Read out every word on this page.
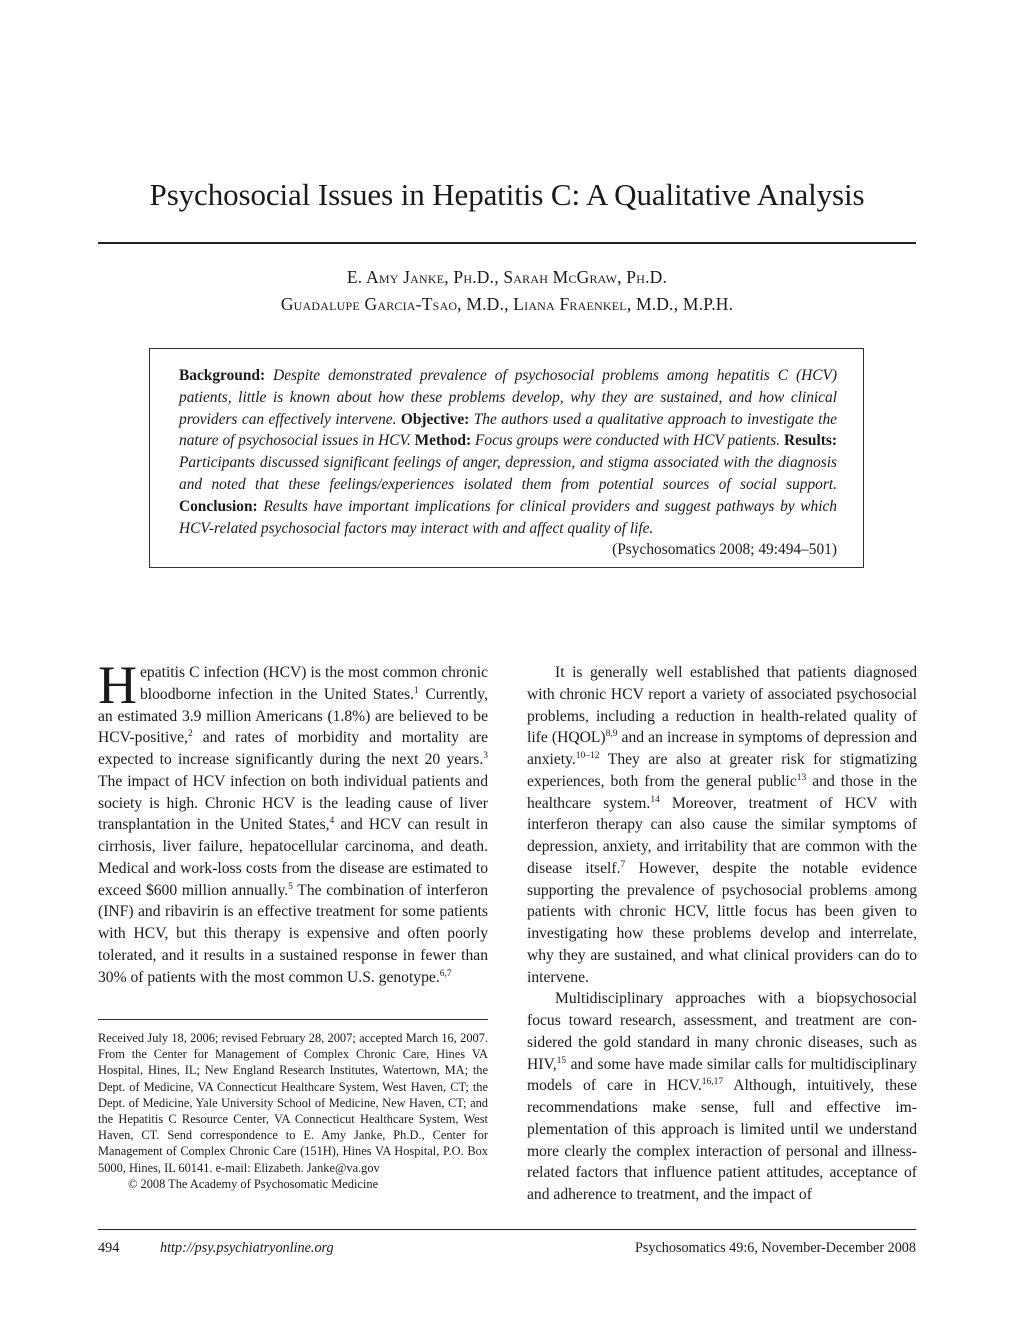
Psychosocial Issues in Hepatitis C: A Qualitative Analysis
E. Amy Janke, Ph.D., Sarah McGraw, Ph.D.
Guadalupe Garcia-Tsao, M.D., Liana Fraenkel, M.D., M.P.H.
Background: Despite demonstrated prevalence of psychosocial problems among hepatitis C (HCV) patients, little is known about how these problems develop, why they are sustained, and how clinical providers can effectively intervene. Objective: The authors used a qualitative approach to investigate the nature of psychosocial issues in HCV. Method: Focus groups were conducted with HCV patients. Results: Participants discussed significant feelings of anger, depression, and stigma associated with the diagnosis and noted that these feelings/experiences isolated them from potential sources of social support. Conclusion: Results have important implications for clinical providers and suggest pathways by which HCV-related psychosocial factors may interact with and affect quality of life.
(Psychosomatics 2008; 49:494–501)

Hepatitis C infection (HCV) is the most common chronic bloodborne infection in the United States.$^1$ Currently, an estimated 3.9 million Americans (1.8%) are believed to be HCV-positive,$^2$ and rates of morbidity and mortality are expected to increase significantly during the next 20 years.$^3$ The impact of HCV infection on both individual patients and society is high. Chronic HCV is the leading cause of liver transplantation in the United States,$^4$ and HCV can result in cirrhosis, liver failure, hepatocellular carcinoma, and death. Medical and work-loss costs from the disease are estimated to exceed $600 million annually.$^5$ The combination of interferon (INF) and ribavirin is an effective treatment for some patients with HCV, but this therapy is expensive and often poorly tolerated, and it results in a sustained response in fewer than 30% of patients with the most common U.S. genotype.$^{6,7}$

Received July 18, 2006; revised February 28, 2007; accepted March 16, 2007. From the Center for Management of Complex Chronic Care, Hines VA Hospital, Hines, IL; New England Research Institutes, Watertown, MA; the Dept. of Medicine, VA Connecticut Healthcare System, West Haven, CT; the Dept. of Medicine, Yale University School of Medicine, New Haven, CT; and the Hepatitis C Resource Center, VA Connecticut Healthcare System, West Haven, CT. Send correspondence to E. Amy Janke, Ph.D., Center for Management of Complex Chronic Care (151H), Hines VA Hospital, P.O. Box 5000, Hines, IL 60141. e-mail: Elizabeth. Janke@va.gov

© 2008 The Academy of Psychosomatic Medicine

It is generally well established that patients diagnosed with chronic HCV report a variety of associated psychosocial problems, including a reduction in health-related quality of life (HQOL)$^{8,9}$ and an increase in symptoms of depression and anxiety.$^{10-12}$ They are also at greater risk for stigmatizing experiences, both from the general public$^{13}$ and those in the healthcare system.$^{14}$ Moreover, treatment of HCV with interferon therapy can also cause the similar symptoms of depression, anxiety, and irritability that are common with the disease itself.$^7$ However, despite the notable evidence supporting the prevalence of psychosocial problems among patients with chronic HCV, little focus has been given to investigating how these problems develop and interrelate, why they are sustained, and what clinical providers can do to intervene.

Multidisciplinary approaches with a biopsychosocial focus toward research, assessment, and treatment are considered the gold standard in many chronic diseases, such as HIV,$^{15}$ and some have made similar calls for multidisciplinary models of care in HCV.$^{16,17}$ Although, intuitively, these recommendations make sense, full and effective implementation of this approach is limited until we understand more clearly the complex interaction of personal and illness-related factors that influence patient attitudes, acceptance of and adherence to treatment, and the impact of

494	http://psy.psychiatryonline.org	Psychosomatics 49:6, November-December 2008
